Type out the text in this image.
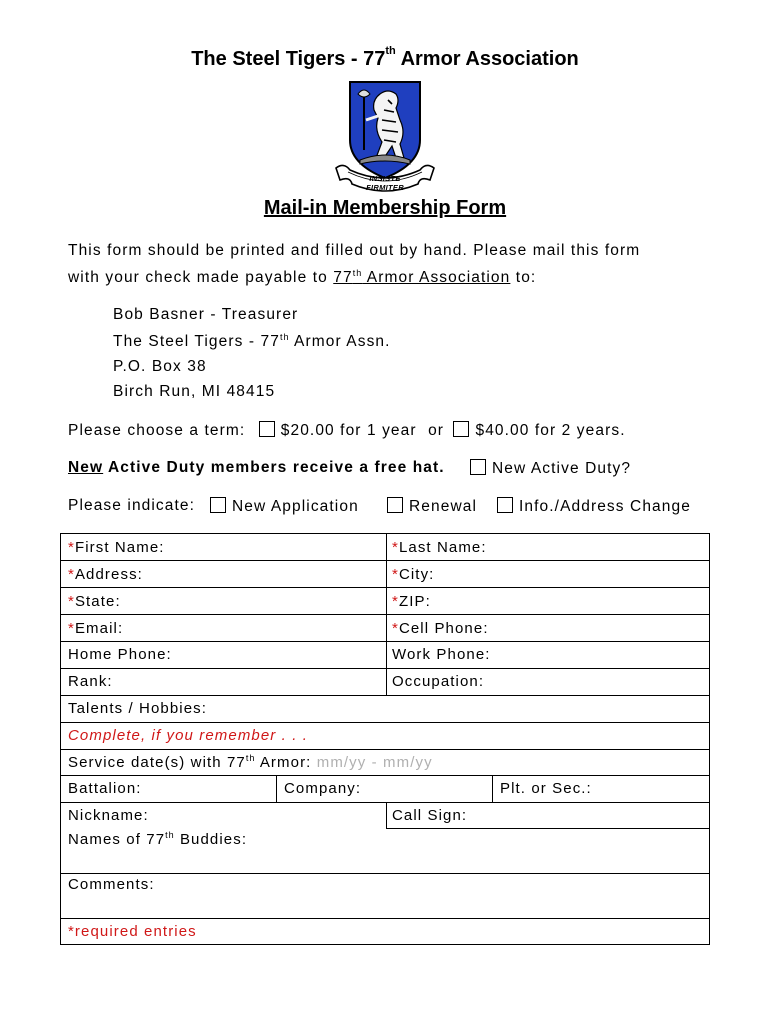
The Steel Tigers - 77th Armor Association
INSISTE FIRMITER
Mail-in Membership Form
This form should be printed and filled out by hand. Please mail this form
with your check made payable to 77th Armor Association to:
Bob Basner - Treasurer
The Steel Tigers - 77th Armor Assn.
P.O. Box 38
Birch Run, MI 48415
Please choose a term: $20.00 for 1 year or $40.00 for 2 years.
New Active Duty members receive a free hat.	New Active Duty?
Please indicate:	New Application	Renewal	Info./Address Change
*First Name:	*Last Name:
*Address:	*City:
*State:	*ZIP:
*Email:	*Cell Phone:
Home Phone:	Work Phone:
Rank:	Occupation:
Talents / Hobbies:
Complete, if you remember . . .
Service date(s) with 77th Armor: mm/yy - mm/yy
Battalion:	Company:	Plt. or Sec.:
Nickname:	Call Sign:
Names of 77th Buddies:
Comments:
*required entries
